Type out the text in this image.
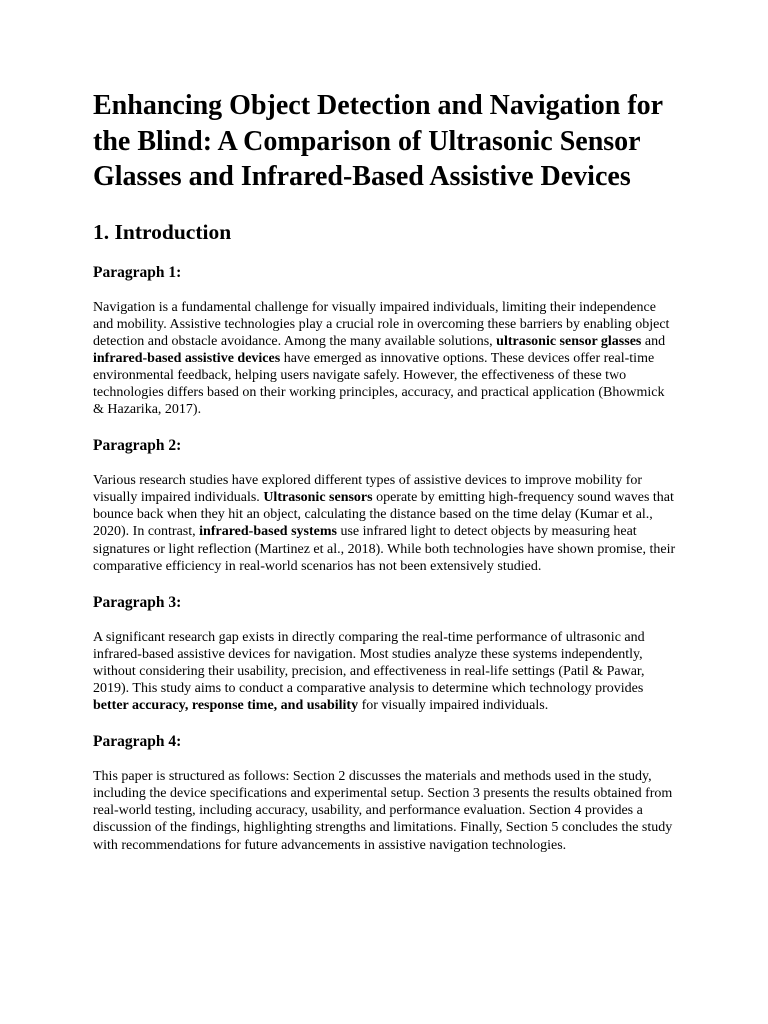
Enhancing Object Detection and Navigation for the Blind: A Comparison of Ultrasonic Sensor Glasses and Infrared-Based Assistive Devices
1. Introduction
Paragraph 1:

Navigation is a fundamental challenge for visually impaired individuals, limiting their independence and mobility. Assistive technologies play a crucial role in overcoming these barriers by enabling object detection and obstacle avoidance. Among the many available solutions, ultrasonic sensor glasses and infrared-based assistive devices have emerged as innovative options. These devices offer real-time environmental feedback, helping users navigate safely. However, the effectiveness of these two technologies differs based on their working principles, accuracy, and practical application (Bhowmick & Hazarika, 2017).

Paragraph 2:

Various research studies have explored different types of assistive devices to improve mobility for visually impaired individuals. Ultrasonic sensors operate by emitting high-frequency sound waves that bounce back when they hit an object, calculating the distance based on the time delay (Kumar et al., 2020). In contrast, infrared-based systems use infrared light to detect objects by measuring heat signatures or light reflection (Martinez et al., 2018). While both technologies have shown promise, their comparative efficiency in real-world scenarios has not been extensively studied.

Paragraph 3:

A significant research gap exists in directly comparing the real-time performance of ultrasonic and infrared-based assistive devices for navigation. Most studies analyze these systems independently, without considering their usability, precision, and effectiveness in real-life settings (Patil & Pawar, 2019). This study aims to conduct a comparative analysis to determine which technology provides better accuracy, response time, and usability for visually impaired individuals.

Paragraph 4:

This paper is structured as follows: Section 2 discusses the materials and methods used in the study, including the device specifications and experimental setup. Section 3 presents the results obtained from real-world testing, including accuracy, usability, and performance evaluation. Section 4 provides a discussion of the findings, highlighting strengths and limitations. Finally, Section 5 concludes the study with recommendations for future advancements in assistive navigation technologies.
